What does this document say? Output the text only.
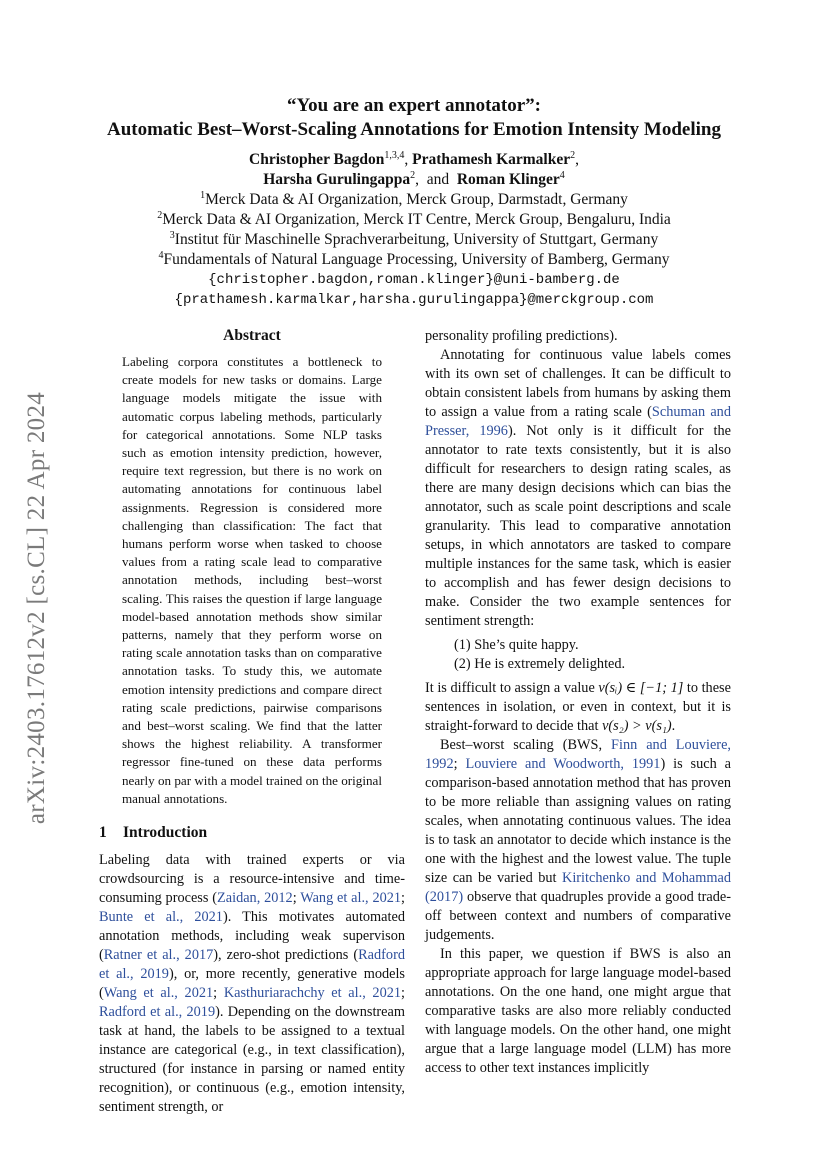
arXiv:2403.17612v2 [cs.CL] 22 Apr 2024
“You are an expert annotator”:
Automatic Best–Worst-Scaling Annotations for Emotion Intensity Modeling
Christopher Bagdon$^{1,3,4}$, Prathamesh Karmalker$^2$,
Harsha Gurulingappa$^2$,  and Roman Klinger$^4$
$^1$Merck Data & AI Organization, Merck Group, Darmstadt, Germany
$^2$Merck Data & AI Organization, Merck IT Centre, Merck Group, Bengaluru, India
$^3$Institut für Maschinelle Sprachverarbeitung, University of Stuttgart, Germany
$^4$Fundamentals of Natural Language Processing, University of Bamberg, Germany
{christopher.bagdon,roman.klinger}@uni-bamberg.de
{prathamesh.karmalkar,harsha.gurulingappa}@merckgroup.com
Abstract

Labeling corpora constitutes a bottleneck to create models for new tasks or domains. Large language models mitigate the issue with automatic corpus labeling methods, particularly for categorical annotations. Some NLP tasks such as emotion intensity prediction, however, require text regression, but there is no work on automating annotations for continuous label assignments. Regression is considered more challenging than classification: The fact that humans perform worse when tasked to choose values from a rating scale lead to comparative annotation methods, including best–worst scaling. This raises the question if large language model-based annotation methods show similar patterns, namely that they perform worse on rating scale annotation tasks than on comparative annotation tasks. To study this, we automate emotion intensity predictions and compare direct rating scale predictions, pairwise comparisons and best–worst scaling. We find that the latter shows the highest reliability. A transformer regressor fine-tuned on these data performs nearly on par with a model trained on the original manual annotations.

1 Introduction

Labeling data with trained experts or via crowdsourcing is a resource-intensive and time-consuming process (Zaidan, 2012; Wang et al., 2021; Bunte et al., 2021). This motivates automated annotation methods, including weak supervison (Ratner et al., 2017), zero-shot predictions (Radford et al., 2019), or, more recently, generative models (Wang et al., 2021; Kasthuriarachchy et al., 2021; Radford et al., 2019). Depending on the downstream task at hand, the labels to be assigned to a textual instance are categorical (e.g., in text classification), structured (for instance in parsing or named entity recognition), or continuous (e.g., emotion intensity, sentiment strength, or

personality profiling predictions).

Annotating for continuous value labels comes with its own set of challenges. It can be difficult to obtain consistent labels from humans by asking them to assign a value from a rating scale (Schuman and Presser, 1996). Not only is it difficult for the annotator to rate texts consistently, but it is also difficult for researchers to design rating scales, as there are many design decisions which can bias the annotator, such as scale point descriptions and scale granularity. This lead to comparative annotation setups, in which annotators are tasked to compare multiple instances for the same task, which is easier to accomplish and has fewer design decisions to make. Consider the two example sentences for sentiment strength:

(1) She’s quite happy.
(2) He is extremely delighted.

It is difficult to assign a value v(sᵢ) ∈ [−1; 1] to these sentences in isolation, or even in context, but it is straight-forward to decide that v(s₂) > v(s₁).

Best–worst scaling (BWS, Finn and Louviere, 1992; Louviere and Woodworth, 1991) is such a comparison-based annotation method that has proven to be more reliable than assigning values on rating scales, when annotating continuous values. The idea is to task an annotator to decide which instance is the one with the highest and the lowest value. The tuple size can be varied but Kiritchenko and Mohammad (2017) observe that quadruples provide a good trade-off between context and numbers of comparative judgements.

In this paper, we question if BWS is also an appropriate approach for large language model-based annotations. On the one hand, one might argue that comparative tasks are also more reliably conducted with language models. On the other hand, one might argue that a large language model (LLM) has more access to other text instances implicitly
